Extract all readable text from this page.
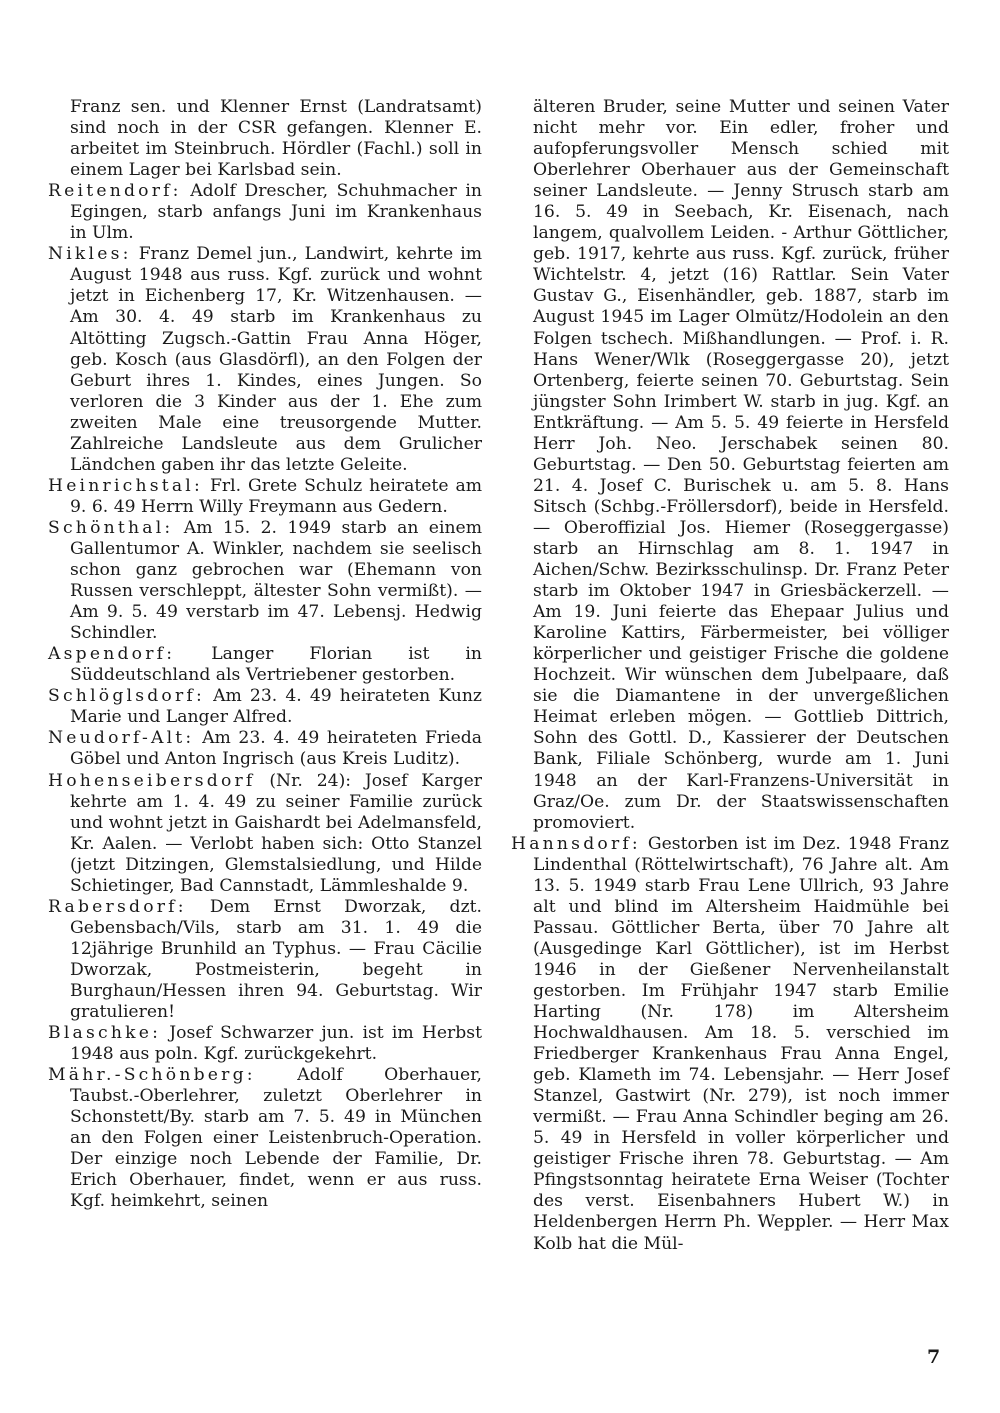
Franz sen. und Klenner Ernst (Landratsamt) sind noch in der CSR gefangen. Klenner E. arbeitet im Steinbruch. Hördler (Fachl.) soll in einem Lager bei Karlsbad sein.

Reitendorf: Adolf Drescher, Schuhmacher in Egingen, starb anfangs Juni im Krankenhaus in Ulm.

Nikles: Franz Demel jun., Landwirt, kehrte im August 1948 aus russ. Kgf. zurück und wohnt jetzt in Eichenberg 17, Kr. Witzenhausen. — Am 30. 4. 49 starb im Krankenhaus zu Altötting Zugsch.-Gattin Frau Anna Höger, geb. Kosch (aus Glasdörfl), an den Folgen der Geburt ihres 1. Kindes, eines Jungen. So verloren die 3 Kinder aus der 1. Ehe zum zweiten Male eine treusorgende Mutter. Zahlreiche Landsleute aus dem Grulicher Ländchen gaben ihr das letzte Geleite.

Heinrichstal: Frl. Grete Schulz heiratete am 9. 6. 49 Herrn Willy Freymann aus Gedern.

Schönthal: Am 15. 2. 1949 starb an einem Gallentumor A. Winkler, nachdem sie seelisch schon ganz gebrochen war (Ehemann von Russen verschleppt, ältester Sohn vermißt). — Am 9. 5. 49 verstarb im 47. Lebensj. Hedwig Schindler.

Aspendorf: Langer Florian ist in Süddeutschland als Vertriebener gestorben.

Schlöglsdorf: Am 23. 4. 49 heirateten Kunz Marie und Langer Alfred.

Neudorf-Alt: Am 23. 4. 49 heirateten Frieda Göbel und Anton Ingrisch (aus Kreis Luditz).

Hohenseibersdorf (Nr. 24): Josef Karger kehrte am 1. 4. 49 zu seiner Familie zurück und wohnt jetzt in Gaishardt bei Adelmansfeld, Kr. Aalen. — Verlobt haben sich: Otto Stanzel (jetzt Ditzingen, Glemstalsiedlung, und Hilde Schietinger, Bad Cannstadt, Lämmleshalde 9.

Rabersdorf: Dem Ernst Dworzak, dzt. Gebensbach/Vils, starb am 31. 1. 49 die 12jährige Brunhild an Typhus. — Frau Cäcilie Dworzak, Postmeisterin, begeht in Burghaun/Hessen ihren 94. Geburtstag. Wir gratulieren!

Blaschke: Josef Schwarzer jun. ist im Herbst 1948 aus poln. Kgf. zurückgekehrt.

Mähr.-Schönberg: Adolf Oberhauer, Taubst.-Oberlehrer, zuletzt Oberlehrer in Schonstett/By. starb am 7. 5. 49 in München an den Folgen einer Leistenbruch-Operation. Der einzige noch Lebende der Familie, Dr. Erich Oberhauer, findet, wenn er aus russ. Kgf. heimkehrt, seinen

älteren Bruder, seine Mutter und seinen Vater nicht mehr vor. Ein edler, froher und aufopferungsvoller Mensch schied mit Oberlehrer Oberhauer aus der Gemeinschaft seiner Landsleute. — Jenny Strusch starb am 16. 5. 49 in Seebach, Kr. Eisenach, nach langem, qualvollem Leiden. - Arthur Göttlicher, geb. 1917, kehrte aus russ. Kgf. zurück, früher Wichtelstr. 4, jetzt (16) Rattlar. Sein Vater Gustav G., Eisenhändler, geb. 1887, starb im August 1945 im Lager Olmütz/Hodolein an den Folgen tschech. Mißhandlungen. — Prof. i. R. Hans Wener/Wlk (Roseggergasse 20), jetzt Ortenberg, feierte seinen 70. Geburtstag. Sein jüngster Sohn Irimbert W. starb in jug. Kgf. an Entkräftung. — Am 5. 5. 49 feierte in Hersfeld Herr Joh. Neo. Jerschabek seinen 80. Geburtstag. — Den 50. Geburtstag feierten am 21. 4. Josef C. Burischek u. am 5. 8. Hans Sitsch (Schbg.-Fröllersdorf), beide in Hersfeld. — Oberoffizial Jos. Hiemer (Roseggergasse) starb an Hirnschlag am 8. 1. 1947 in Aichen/Schw. Bezirksschulinsp. Dr. Franz Peter starb im Oktober 1947 in Griesbäckerzell. — Am 19. Juni feierte das Ehepaar Julius und Karoline Kattirs, Färbermeister, bei völliger körperlicher und geistiger Frische die goldene Hochzeit. Wir wünschen dem Jubelpaare, daß sie die Diamantene in der unvergeßlichen Heimat erleben mögen. — Gottlieb Dittrich, Sohn des Gottl. D., Kassierer der Deutschen Bank, Filiale Schönberg, wurde am 1. Juni 1948 an der Karl-Franzens-Universität in Graz/Oe. zum Dr. der Staatswissenschaften promoviert.

Hannsdorf: Gestorben ist im Dez. 1948 Franz Lindenthal (Röttelwirtschaft), 76 Jahre alt. Am 13. 5. 1949 starb Frau Lene Ullrich, 93 Jahre alt und blind im Altersheim Haidmühle bei Passau. Göttlicher Berta, über 70 Jahre alt (Ausgedinge Karl Göttlicher), ist im Herbst 1946 in der Gießener Nervenheilanstalt gestorben. Im Frühjahr 1947 starb Emilie Harting (Nr. 178) im Altersheim Hochwaldhausen. Am 18. 5. verschied im Friedberger Krankenhaus Frau Anna Engel, geb. Klameth im 74. Lebensjahr. — Herr Josef Stanzel, Gastwirt (Nr. 279), ist noch immer vermißt. — Frau Anna Schindler beging am 26. 5. 49 in Hersfeld in voller körperlicher und geistiger Frische ihren 78. Geburtstag. — Am Pfingstsonntag heiratete Erna Weiser (Tochter des verst. Eisenbahners Hubert W.) in Heldenbergen Herrn Ph. Weppler. — Herr Max Kolb hat die Mül-

7
